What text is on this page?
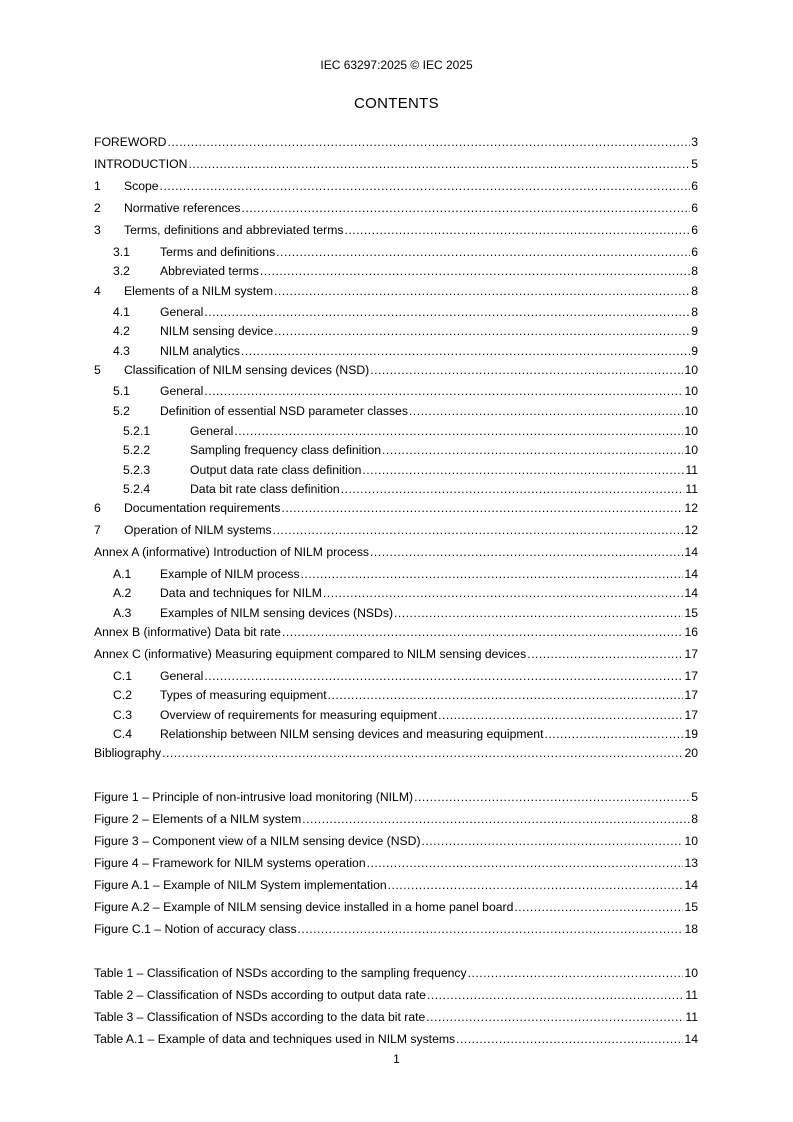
IEC 63297:2025 © IEC 2025
CONTENTS
FOREWORD .....	3
INTRODUCTION .....	5
1 Scope .....	6
2 Normative references .....	6
3 Terms, definitions and abbreviated terms .....	6
3.1 Terms and definitions .....	6
3.2 Abbreviated terms .....	8
4 Elements of a NILM system .....	8
4.1 General .....	8
4.2 NILM sensing device .....	9
4.3 NILM analytics .....	9
5 Classification of NILM sensing devices (NSD) .....	10
5.1 General .....	10
5.2 Definition of essential NSD parameter classes .....	10
5.2.1	General .....	10
5.2.2	Sampling frequency class definition .....	10
5.2.3	Output data rate class definition .....	11
5.2.4	Data bit rate class definition .....	11
6 Documentation requirements .....	12
7 Operation of NILM systems .....	12
Annex A (informative) Introduction of NILM process .....	14
A.1 Example of NILM process .....	14
A.2 Data and techniques for NILM .....	14
A.3 Examples of NILM sensing devices (NSDs) .....	15
Annex B (informative) Data bit rate .....	16
Annex C (informative) Measuring equipment compared to NILM sensing devices .....	17
C.1 General .....	17
C.2 Types of measuring equipment .....	17
C.3 Overview of requirements for measuring equipment .....	17
C.4 Relationship between NILM sensing devices and measuring equipment .....	19
Bibliography .....	20
Figure 1 – Principle of non-intrusive load monitoring (NILM) .....	5
Figure 2 – Elements of a NILM system .....	8
Figure 3 – Component view of a NILM sensing device (NSD) .....	10
Figure 4 – Framework for NILM systems operation .....	13
Figure A.1 – Example of NILM System implementation .....	14
Figure A.2 – Example of NILM sensing device installed in a home panel board .....	15
Figure C.1 – Notion of accuracy class .....	18
Table 1 – Classification of NSDs according to the sampling frequency .....	10
Table 2 – Classification of NSDs according to output data rate .....	11
Table 3 – Classification of NSDs according to the data bit rate .....	11
Table A.1 – Example of data and techniques used in NILM systems .....	14
1
